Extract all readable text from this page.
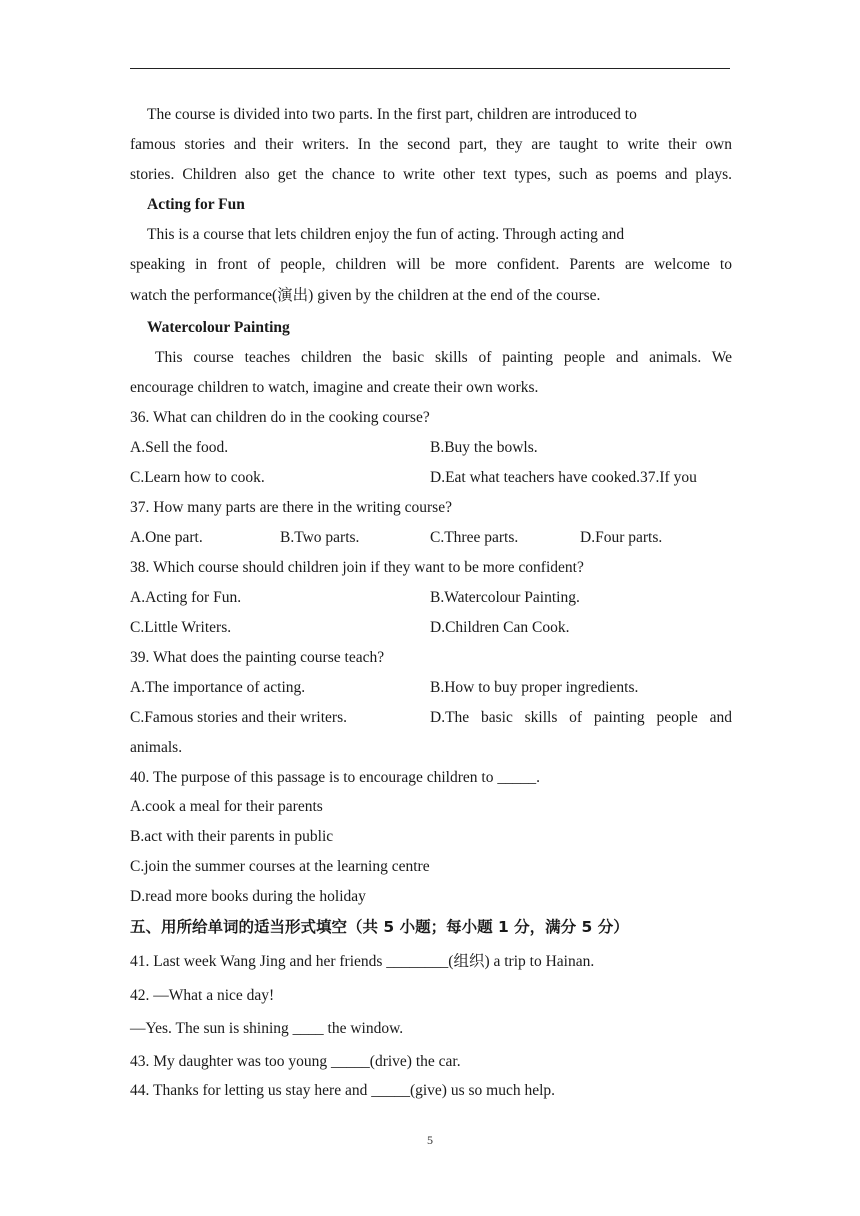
The course is divided into two parts. In the first part, children are introduced to

famous stories and their writers. In the second part, they are taught to write their own

stories. Children also get the chance to write other text types, such as poems and plays.

Acting for Fun

This is a course that lets children enjoy the fun of acting. Through acting and

speaking in front of people, children will be more confident. Parents are welcome to

watch the performance(演出) given by the children at the end of the course.

Watercolour Painting

This course teaches children the basic skills of painting people and animals. We

encourage children to watch, imagine and create their own works.

36. What can children do in the cooking course?

A.Sell the food.	B.Buy the bowls.
C.Learn how to cook.	D.Eat what teachers have cooked.37.If you

37. How many parts are there in the writing course?

A.One part.	B.Two parts.	C.Three parts.	D.Four parts.

38. Which course should children join if they want to be more confident?

A.Acting for Fun.	B.Watercolour Painting.
C.Little Writers.	D.Children Can Cook.

39. What does the painting course teach?

A.The importance of acting.	B.How to buy proper ingredients.
C.Famous stories and their writers.	D.The basic skills of painting people and

animals.

40. The purpose of this passage is to encourage children to _____.

A.cook a meal for their parents

B.act with their parents in public

C.join the summer courses at the learning centre

D.read more books during the holiday

五、用所给单词的适当形式填空（共 5 小题；每小题 1 分，满分 5 分）

41. Last week Wang Jing and her friends ________(组织) a trip to Hainan.

42. —What a nice day!

—Yes. The sun is shining ____ the window.

43. My daughter was too young _____(drive) the car.

44. Thanks for letting us stay here and _____(give) us so much help.

5
